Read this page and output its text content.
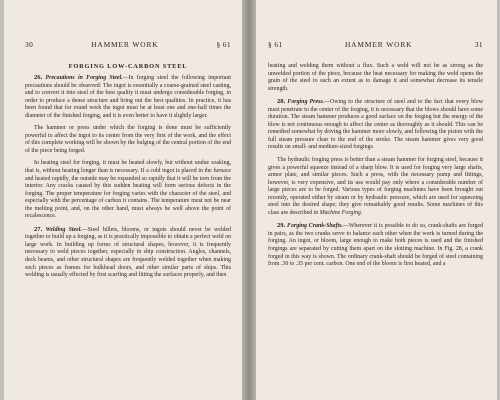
30	HAMMER WORK	§ 61
FORGING LOW-CARBON STEEL

26. Precautions in Forging Steel.—In forging steel the following important precautions should be observed: The ingot is essentially a coarse-grained steel casting, and to convert it into steel of the best quality it must undergo considerable forging, in order to produce a dense structure and bring out the best qualities. In practice, it has been found that for round work the ingot must be at least one and one-half times the diameter of the finished forging, and it is even better to have it slightly larger.

The hammer or press under which the forging is done must be sufficiently powerful to affect the ingot to its center from the very first of the work, and the effect of this complete working will be shown by the bulging of the central portion of the end of the piece being forged.

In heating steel for forging, it must be heated slowly, but without undue soaking, that is, without heating longer than is necessary. If a cold ingot is placed in the furnace and heated rapidly, the outside may be expanded so rapidly that it will be torn from the interior. Any cracks caused by this sudden heating will form serious defects in the forging. The proper temperature for forging varies with the character of the steel, and especially with the percentage of carbon it contains. The temperature must not be near the melting point, and, on the other hand, must always be well above the point of recalescence.

27. Welding Steel.—Steel billets, blooms, or ingots should never be welded together to build up a forging, as it is practically impossible to obtain a perfect weld on large work. In building up forms of structural shapes, however, it is frequently necessary to weld pieces together, especially in ship construction. Angles, channels, deck beams, and other structural shapes are frequently welded together when making such pieces as frames for bulkhead doors, and other similar parts of ships. This welding is usually effected by first scarfing and fitting the surfaces properly, and then

§ 61	HAMMER WORK	31

heating and welding them without a flux. Such a weld will not be as strong as the unwelded portion of the piece, because the heat necessary for making the weld opens the grain of the steel to such an extent as to damage it and somewhat decrease its tensile strength.

28. Forging Press.—Owing to the structure of steel and to the fact that every blow must penetrate to the center of the forging, it is necessary that the blows should have some duration. The steam hammer produces a good surface on the forging but the energy of the blow is not continuous enough to affect the center as thoroughly as it should. This can be remedied somewhat by driving the hammer more slowly, and following the piston with the full steam pressure clear to the end of the stroke. The steam hammer gives very good results on small- and medium-sized forgings.

The hydraulic forging press is better than a steam hammer for forging steel, because it gives a powerful squeeze instead of a sharp blow. It is used for forging very large shafts, armor plate, and similar pieces. Such a press, with the necessary pump and fittings, however, is very expensive, and its use would pay only where a considerable number of large pieces are to be forged. Various types of forging machines have been brought out recently, operated either by steam or by hydraulic pressure, which are used for squeezing steel into the desired shape; they give remarkably good results. Some machines of this class are described in Machine Forging.

29. Forging Crank-Shafts.—Wherever it is possible to do so, crank-shafts are forged in pairs, as the two cranks serve to balance each other when the work is turned during the forging. An ingot, or bloom, large enough to make both pieces is used and the finished forgings are separated by cutting them apart on the slotting machine. In Fig. 28, a crank forged in this way is shown. The ordinary crank-shaft should be forged of steel containing from .30 to .35 per cent. carbon. One end of the bloom is first heated, and a
